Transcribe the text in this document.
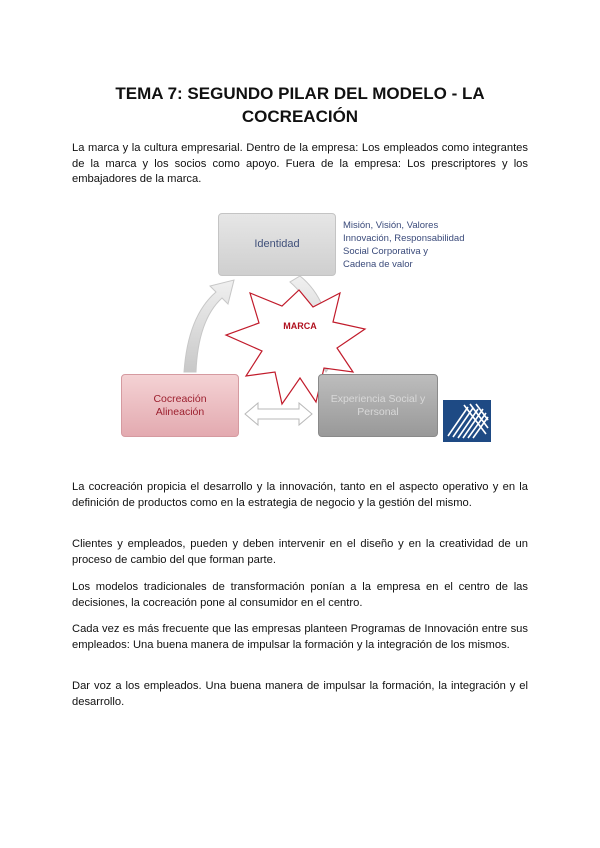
TEMA 7: SEGUNDO PILAR DEL MODELO - LA
COCREACIÓN

La marca y la cultura empresarial. Dentro de la empresa: Los empleados como integrantes de la marca y los socios como apoyo. Fuera de la empresa: Los prescriptores y los embajadores de la marca.

Identidad

Misión, Visión, Valores
Innovación, Responsabilidad
Social Corporativa y
Cadena de valor

MARCA
Cocreación
Alineación
Experiencia Social y
Personal

La cocreación propicia el desarrollo y la innovación, tanto en el aspecto operativo y en la definición de productos como en la estrategia de negocio y la gestión del mismo.

Clientes y empleados, pueden y deben intervenir en el diseño y en la creatividad de un proceso de cambio del que forman parte.

Los modelos tradicionales de transformación ponían a la empresa en el centro de las decisiones, la cocreación pone al consumidor en el centro.

Cada vez es más frecuente que las empresas planteen Programas de Innovación entre sus empleados: Una buena manera de impulsar la formación y la integración de los mismos.

Dar voz a los empleados. Una buena manera de impulsar la formación, la integración y el desarrollo.
